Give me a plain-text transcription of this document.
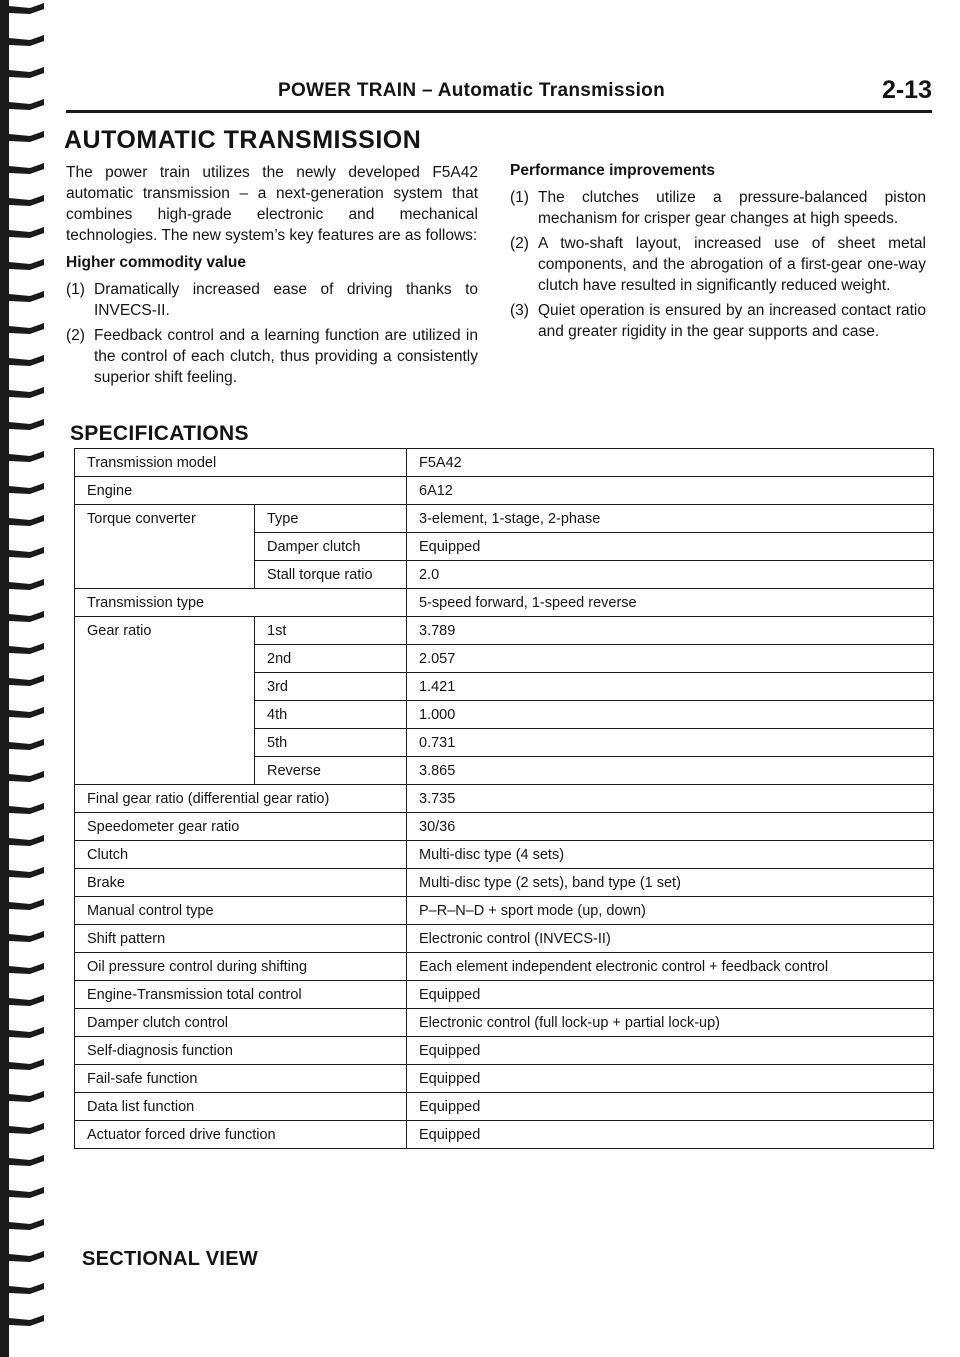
POWER TRAIN – Automatic Transmission	2-13
AUTOMATIC TRANSMISSION

The power train utilizes the newly developed F5A42 automatic transmission – a next-generation system that combines high-grade electronic and mechanical technologies. The new system’s key features are as follows:

Higher commodity value
(1) Dramatically increased ease of driving thanks to INVECS-II.
(2) Feedback control and a learning function are utilized in the control of each clutch, thus providing a consistently superior shift feeling.
Performance improvements
(1) The clutches utilize a pressure-balanced piston mechanism for crisper gear changes at high speeds.
(2) A two-shaft layout, increased use of sheet metal components, and the abrogation of a first-gear one-way clutch have resulted in significantly reduced weight.
(3) Quiet operation is ensured by an increased contact ratio and greater rigidity in the gear supports and case.
SPECIFICATIONS
Transmission model		F5A42
Engine		6A12
Torque converter	Type	3-element, 1-stage, 2-phase
	Damper clutch	Equipped
	Stall torque ratio	2.0
Transmission type		5-speed forward, 1-speed reverse
Gear ratio	1st	3.789
	2nd	2.057
	3rd	1.421
	4th	1.000
	5th	0.731
	Reverse	3.865
Final gear ratio (differential gear ratio)		3.735
Speedometer gear ratio		30/36
Clutch		Multi-disc type (4 sets)
Brake		Multi-disc type (2 sets), band type (1 set)
Manual control type		P–R–N–D + sport mode (up, down)
Shift pattern		Electronic control (INVECS-II)
Oil pressure control during shifting		Each element independent electronic control + feedback control
Engine-Transmission total control		Equipped
Damper clutch control		Electronic control (full lock-up + partial lock-up)
Self-diagnosis function		Equipped
Fail-safe function		Equipped
Data list function		Equipped
Actuator forced drive function		Equipped
SECTIONAL VIEW
